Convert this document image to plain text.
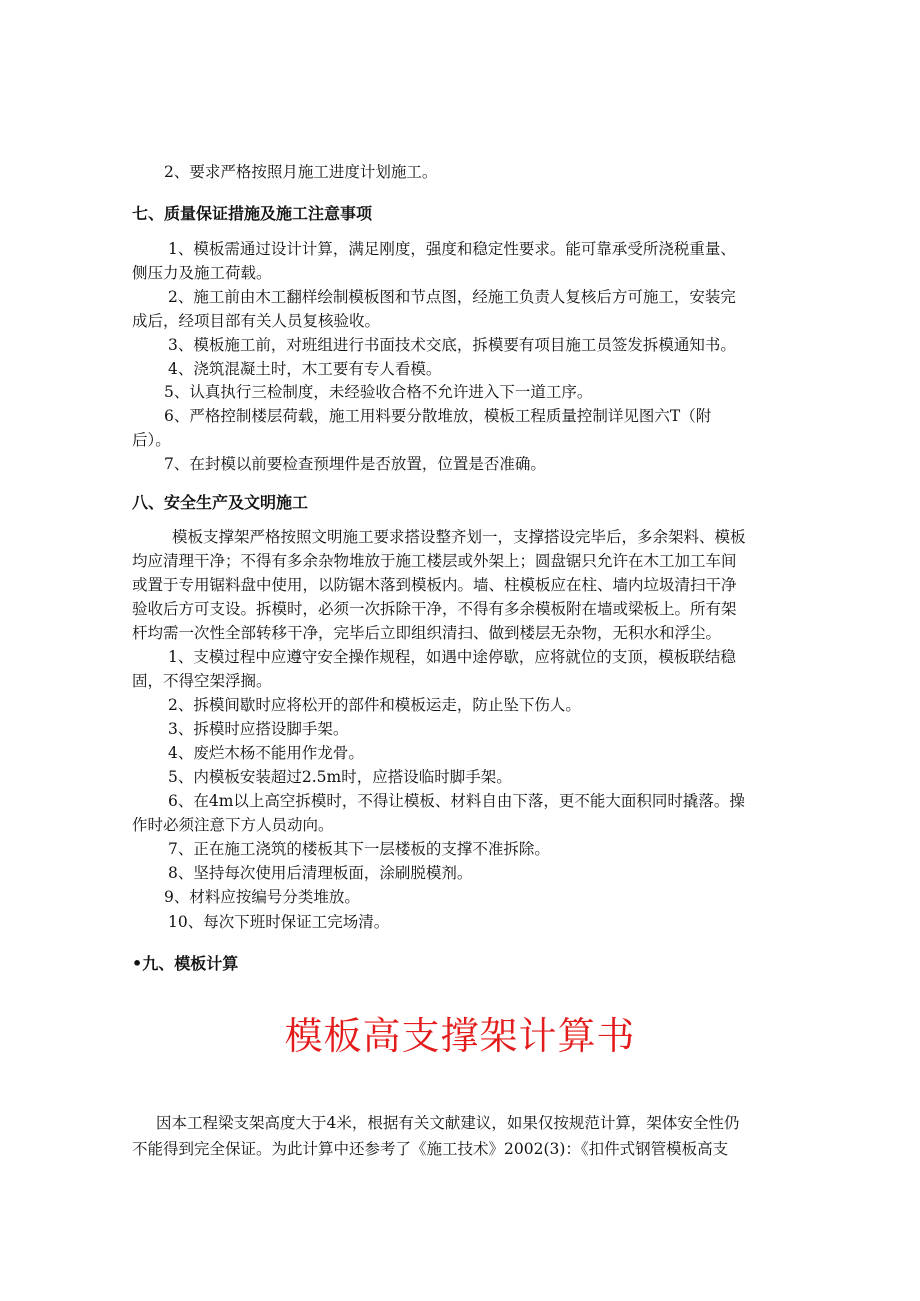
2、要求严格按照月施工进度计划施工。
七、质量保证措施及施工注意事项
1、模板需通过设计计算，满足刚度，强度和稳定性要求。能可靠承受所浇税重量、
侧压力及施工荷载。
2、施工前由木工翻样绘制模板图和节点图，经施工负责人复核后方可施工，安装完
成后，经项目部有关人员复核验收。
3、模板施工前，对班组进行书面技术交底，拆模要有项目施工员签发拆模通知书。
4、浇筑混凝土时，木工要有专人看模。
5、认真执行三检制度，未经验收合格不允许进入下一道工序。
6、严格控制楼层荷载，施工用料要分散堆放，模板工程质量控制详见图六T（附
后）。
7、在封模以前要检查预埋件是否放置，位置是否准确。
八、安全生产及文明施工
模板支撑架严格按照文明施工要求搭设整齐划一，支撑搭设完毕后，多余架料、模板
均应清理干净；不得有多余杂物堆放于施工楼层或外架上；圆盘锯只允许在木工加工车间
或置于专用锯料盘中使用，以防锯木落到模板内。墙、柱模板应在柱、墙内垃圾清扫干净
验收后方可支设。拆模时，必须一次拆除干净，不得有多余模板附在墙或梁板上。所有架
杆均需一次性全部转移干净，完毕后立即组织清扫、做到楼层无杂物，无积水和浮尘。
1、支模过程中应遵守安全操作规程，如遇中途停歇，应将就位的支顶，模板联结稳
固，不得空架浮搁。
2、拆模间歇时应将松开的部件和模板运走，防止坠下伤人。
3、拆模时应搭设脚手架。
4、废烂木杨不能用作龙骨。
5、内模板安装超过2.5m时，应搭设临时脚手架。
6、在4m以上高空拆模时，不得让模板、材料自由下落，更不能大面积同时撬落。操
作时必须注意下方人员动向。
7、正在施工浇筑的楼板其下一层楼板的支撑不准拆除。
8、坚持每次使用后清理板面，涂刷脱模剂。
9、材料应按编号分类堆放。
10、每次下班时保证工完场清。
•九、模板计算
模板高支撑架计算书
因本工程梁支架高度大于4米，根据有关文献建议，如果仅按规范计算，架体安全性仍
不能得到完全保证。为此计算中还参考了《施工技术》2002(3)：《扣件式钢管模板高支
